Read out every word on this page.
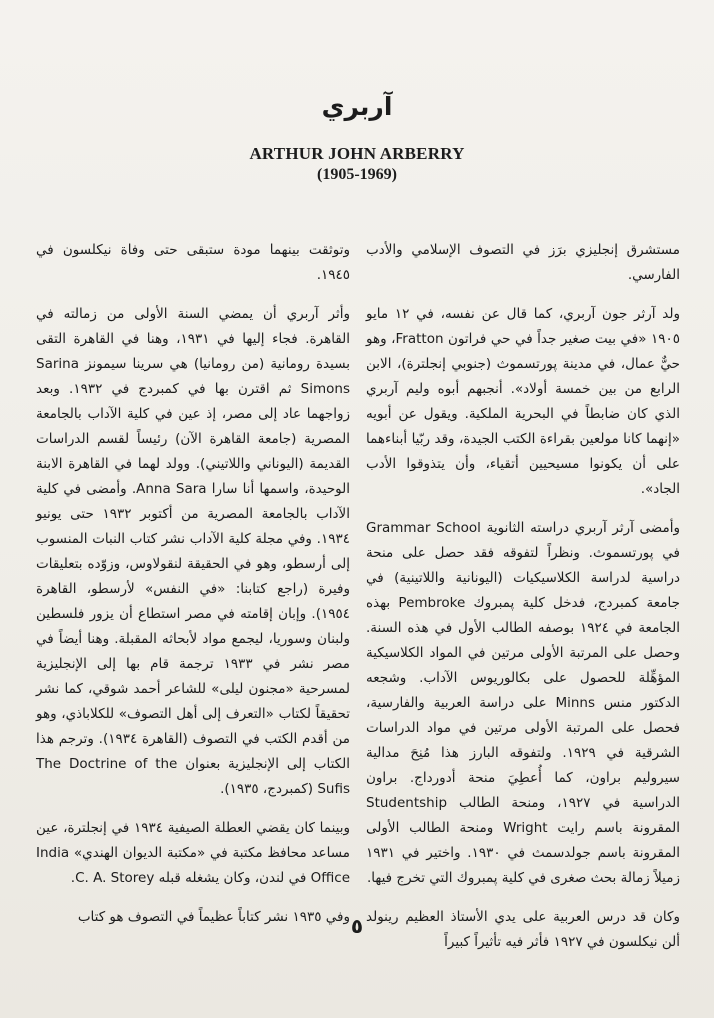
آربري
ARTHUR JOHN ARBERRY
(1905-1969)

مستشرق إنجليزي برَز في التصوف الإسلامي والأدب الفارسي.

ولد آرثر جون آربري، كما قال عن نفسه، في ١٢ مايو ١٩٠٥ «في بيت صغير جداً في حي فراتون Fratton، وهو حيٌّ عمال، في مدينة پورتسموث (جنوبي إنجلترة)، الابن الرابع من بين خمسة أولاد». أنجبهم أبوه وليم آربري الذي كان ضابطاً في البحرية الملكية. ويقول عن أبويه «إنهما كانا مولعين بقراءة الكتب الجيدة، وقد ربّيا أبناءهما على أن يكونوا مسيحيين أتقياء، وأن يتذوقوا الأدب الجاد».

وأمضى آرثر آربري دراسته الثانوية Grammar School في پورتسموث. ونظراً لتفوقه فقد حصل على منحة دراسية لدراسة الكلاسيكيات (اليونانية واللاتينية) في جامعة كمبردج، فدخل كلية پمبروك Pembroke بهذه الجامعة في ١٩٢٤ بوصفه الطالب الأول في هذه السنة. وحصل على المرتبة الأولى مرتين في المواد الكلاسيكية المؤهِّلة للحصول على بكالوريوس الآداب. وشجعه الدكتور منس Minns على دراسة العربية والفارسية، فحصل على المرتبة الأولى مرتين في مواد الدراسات الشرقية في ١٩٢٩. ولتفوقه البارز هذا مُنِحَ مدالية سيروليم براون، كما أُعطِيَ منحة أدورداج. براون الدراسية في ١٩٢٧، ومنحة الطالب Studentship المقرونة باسم رايت Wright ومنحة الطالب الأولى المقرونة باسم جولدسمث في ١٩٣٠. واختير في ١٩٣١ زميلاً زمالة بحث صغرى في كلية پمبروك التي تخرج فيها.

وكان قد درس العربية على يدي الأستاذ العظيم رينولد ألن نيكلسون في ١٩٢٧ فأثر فيه تأثيراً كبيراً

وتوثقت بينهما مودة ستبقى حتى وفاة نيكلسون في ١٩٤٥.

وأثر آربري أن يمضي السنة الأولى من زمالته في القاهرة. فجاء إليها في ١٩٣١، وهنا في القاهرة التقى بسيدة رومانية (من رومانيا) هي سرينا سيمونز Sarina Simons ثم اقترن بها في كمبردج في ١٩٣٢. وبعد زواجهما عاد إلى مصر، إذ عين في كلية الآداب بالجامعة المصرية (جامعة القاهرة الآن) رئيساً لقسم الدراسات القديمة (اليوناني واللاتيني). وولد لهما في القاهرة الابنة الوحيدة، واسمها أنا سارا Anna Sara. وأمضى في كلية الآداب بالجامعة المصرية من أكتوبر ١٩٣٢ حتى يونيو ١٩٣٤. وفي مجلة كلية الآداب نشر كتاب النبات المنسوب إلى أرسطو، وهو في الحقيقة لنقولاوس، وزوّده بتعليقات وفيرة (راجع كتابنا: «في النفس» لأرسطو، القاهرة ١٩٥٤). وإبان إقامته في مصر استطاع أن يزور فلسطين ولبنان وسوريا، ليجمع مواد لأبحاثه المقبلة. وهنا أيضاً في مصر نشر في ١٩٣٣ ترجمة قام بها إلى الإنجليزية لمسرحية «مجنون ليلى» للشاعر أحمد شوقي، كما نشر تحقيقاً لكتاب «التعرف إلى أهل التصوف» للكلاباذي، وهو من أقدم الكتب في التصوف (القاهرة ١٩٣٤). وترجم هذا الكتاب إلى الإنجليزية بعنوان The Doctrine of the Sufis (كمبردج، ١٩٣٥).

وبينما كان يقضي العطلة الصيفية ١٩٣٤ في إنجلترة، عين مساعد محافظ مكتبة في «مكتبة الديوان الهندي» India Office في لندن، وكان يشغله قبله C. A. Storey.

وفي ١٩٣٥ نشر كتاباً عظيماً في التصوف هو كتاب ٥
